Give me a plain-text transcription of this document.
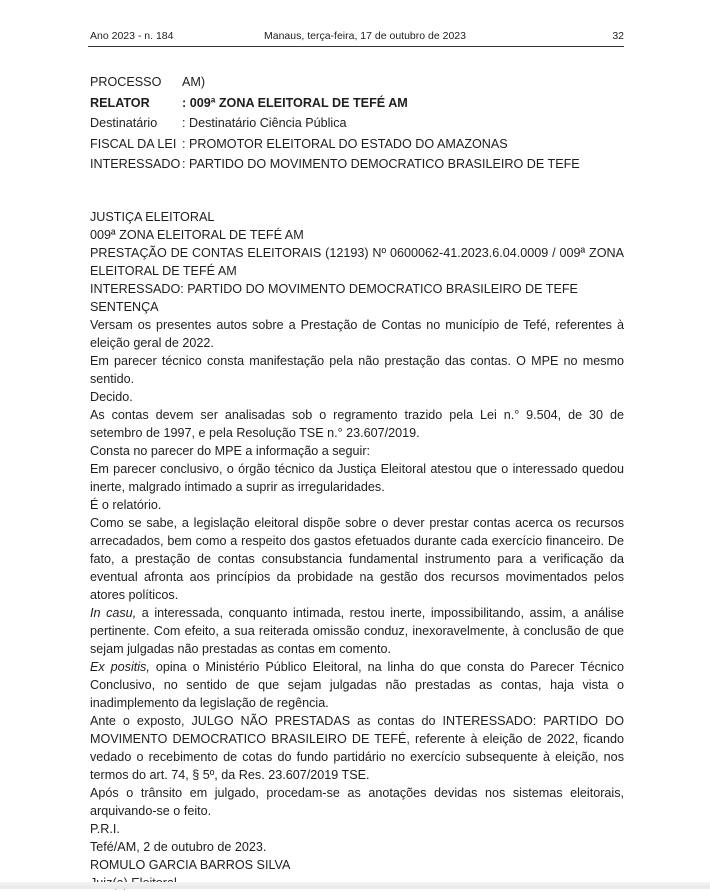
Ano 2023 - n. 184	Manaus, terça-feira, 17 de outubro de 2023	32
PROCESSO AM)
RELATOR	: 009ª ZONA ELEITORAL DE TEFÉ AM
Destinatário : Destinatário Ciência Pública
FISCAL DA LEI : PROMOTOR ELEITORAL DO ESTADO DO AMAZONAS
INTERESSADO : PARTIDO DO MOVIMENTO DEMOCRATICO BRASILEIRO DE TEFE

JUSTIÇA ELEITORAL

009ª ZONA ELEITORAL DE TEFÉ AM

PRESTAÇÃO DE CONTAS ELEITORAIS (12193) Nº 0600062-41.2023.6.04.0009 / 009ª ZONA ELEITORAL DE TEFÉ AM

INTERESSADO: PARTIDO DO MOVIMENTO DEMOCRATICO BRASILEIRO DE TEFE

SENTENÇA

Versam os presentes autos sobre a Prestação de Contas no município de Tefé, referentes à eleição geral de 2022.

Em parecer técnico consta manifestação pela não prestação das contas. O MPE no mesmo sentido.

Decido.

As contas devem ser analisadas sob o regramento trazido pela Lei n.° 9.504, de 30 de setembro de 1997, e pela Resolução TSE n.° 23.607/2019.

Consta no parecer do MPE a informação a seguir:

Em parecer conclusivo, o órgão técnico da Justiça Eleitoral atestou que o interessado quedou inerte, malgrado intimado a suprir as irregularidades.

É o relatório.

Como se sabe, a legislação eleitoral dispõe sobre o dever prestar contas acerca os recursos arrecadados, bem como a respeito dos gastos efetuados durante cada exercício financeiro. De fato, a prestação de contas consubstancia fundamental instrumento para a verificação da eventual afronta aos princípios da probidade na gestão dos recursos movimentados pelos atores políticos.

In casu, a interessada, conquanto intimada, restou inerte, impossibilitando, assim, a análise pertinente. Com efeito, a sua reiterada omissão conduz, inexoravelmente, à conclusão de que sejam julgadas não prestadas as contas em comento.

Ex positis, opina o Ministério Público Eleitoral, na linha do que consta do Parecer Técnico Conclusivo, no sentido de que sejam julgadas não prestadas as contas, haja vista o inadimplemento da legislação de regência.

Ante o exposto, JULGO NÃO PRESTADAS as contas do INTERESSADO: PARTIDO DO MOVIMENTO DEMOCRATICO BRASILEIRO DE TEFÉ, referente à eleição de 2022, ficando vedado o recebimento de cotas do fundo partidário no exercício subsequente à eleição, nos termos do art. 74, § 5º, da Res. 23.607/2019 TSE.

Após o trânsito em julgado, procedam-se as anotações devidas nos sistemas eleitorais, arquivando-se o feito.

P.R.I.

Tefé/AM, 2 de outubro de 2023.

ROMULO GARCIA BARROS SILVA
